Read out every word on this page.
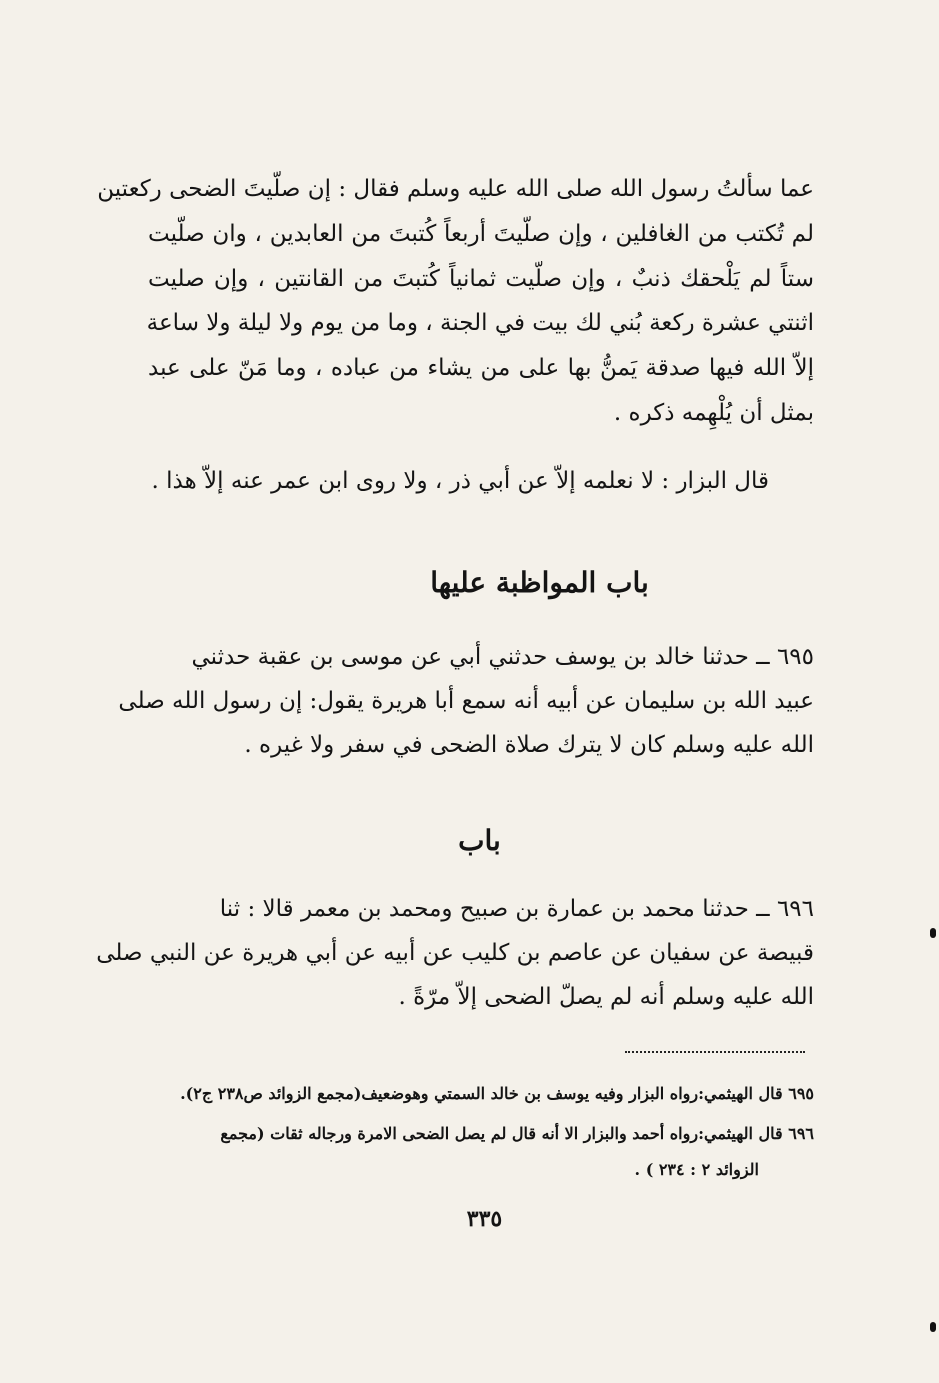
عما سألتُ رسول الله صلى الله عليه وسلم فقال : إن صلّيتَ الضحى ركعتين
لم تُكتب من الغافلين ، وإن صلّيتَ أربعاً كُتبتَ من العابدين ، وان صلّيت
ستاً لم يَلْحقك ذنبٌ ، وإن صلّيت ثمانياً كُتبتَ من القانتين ، وإن صليت
اثنتي عشرة ركعة بُني لك بيت في الجنة ، وما من يوم ولا ليلة ولا ساعة
إلاّ الله فيها صدقة يَمنُّ بها على من يشاء من عباده ، وما مَنّ على عبد
بمثل أن يُلْهِمه ذكره .
قال البزار : لا نعلمه إلاّ عن أبي ذر ، ولا روى ابن عمر عنه إلاّ هذا .
باب المواظبة عليها
٦٩٥ ــ حدثنا خالد بن يوسف حدثني أبي عن موسى بن عقبة حدثني
عبيد الله بن سليمان عن أبيه أنه سمع أبا هريرة يقول: إن رسول الله صلى
الله عليه وسلم كان لا يترك صلاة الضحى في سفر ولا غيره .
باب
٦٩٦ ــ حدثنا محمد بن عمارة بن صبيح ومحمد بن معمر قالا : ثنا
قبيصة عن سفيان عن عاصم بن كليب عن أبيه عن أبي هريرة عن النبي صلى
الله عليه وسلم أنه لم يصلّ الضحى إلاّ مرّةً .
٦٩٥ قال الهيثمي:رواه البزار وفيه يوسف بن خالد السمتي وهوضعيف(مجمع الزوائد ص٢٣٨ ج٢).
٦٩٦ قال الهيثمي:رواه أحمد والبزار الا أنه قال لم يصل الضحى الامرة ورجاله ثقات (مجمع
الزوائد ٢ : ٢٣٤ ) .
٣٣٥
